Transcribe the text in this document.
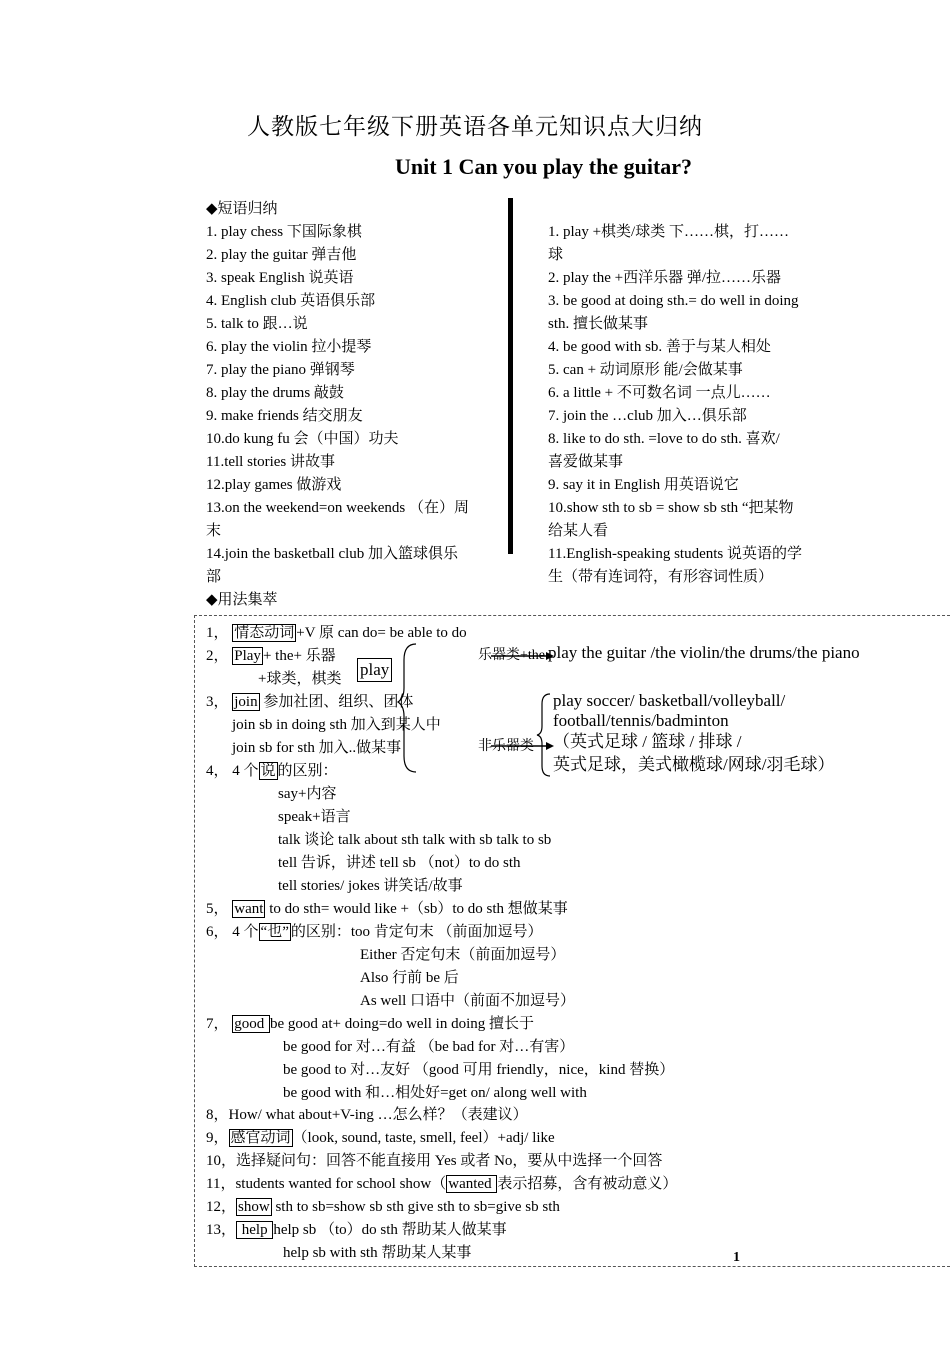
人教版七年级下册英语各单元知识点大归纳
Unit 1 Can you play the guitar?
◆短语归纳
1. play chess 下国际象棋
2. play the guitar 弹吉他
3. speak English 说英语
4. English club 英语俱乐部
5. talk to 跟…说
6. play the violin 拉小提琴
7. play the piano 弹钢琴
8. play the drums 敲鼓
9. make friends 结交朋友
10.do kung fu 会（中国）功夫
11.tell stories 讲故事
12.play games 做游戏
13.on the weekend=on weekends （在）周
末
14.join the basketball club 加入篮球俱乐
部
◆用法集萃
1. play +棋类/球类 下……棋，打……
球
2. play the +西洋乐器 弹/拉……乐器
3. be good at doing sth.= do well in doing
sth. 擅长做某事
4. be good with sb. 善于与某人相处
5. can + 动词原形 能/会做某事
6. a little + 不可数名词 一点儿……
7. join the …club 加入…俱乐部
8. like to do sth. =love to do sth. 喜欢/
喜爱做某事
9. say it in English 用英语说它
10.show sth to sb = show sb sth “把某物
给某人看
11.English-speaking students 说英语的学
生（带有连词符，有形容词性质）
1， 情态动词 +V 原 can do= be able to do
2， Play + the+ 乐器
+球类，棋类 play
乐器类+the play the guitar /the violin/the drums/the piano
非乐器类
play soccer/ basketball/volleyball/
football/tennis/badminton
（英式足球 / 篮球 / 排球 /
英式足球，美式橄榄球/网球/羽毛球）
3， join 参加社团、组织、团体
join sb in doing sth 加入到某人中
join sb for sth 加入..做某事
4， 4 个 说 的区别：
say+内容
speak+语言
talk 谈论 talk about sth talk with sb talk to sb
tell 告诉，讲述 tell sb （not）to do sth
tell stories/ jokes 讲笑话/故事
5， want to do sth= would like +（sb）to do sth 想做某事
6， 4 个 “也” 的区别：too 肯定句末 （前面加逗号）
Either 否定句末（前面加逗号）
Also 行前 be 后
As well 口语中（前面不加逗号）
7， good be good at+ doing=do well in doing 擅长于
be good for 对…有益 （be bad for 对…有害）
be good to 对…友好 （good 可用 friendly，nice，kind 替换）
be good with 和…相处好=get on/ along well with
8，How/ what about+V-ing …怎么样？（表建议）
9， 感官动词 （look, sound, taste, smell, feel）+adj/ like
10，选择疑问句：回答不能直接用 Yes 或者 No，要从中选择一个回答
11，students wanted for school show（ wanted 表示招募，含有被动意义）
12， show sth to sb=show sb sth give sth to sb=give sb sth
13， help help sb （to）do sth 帮助某人做某事
help sb with sth 帮助某人某事	1
